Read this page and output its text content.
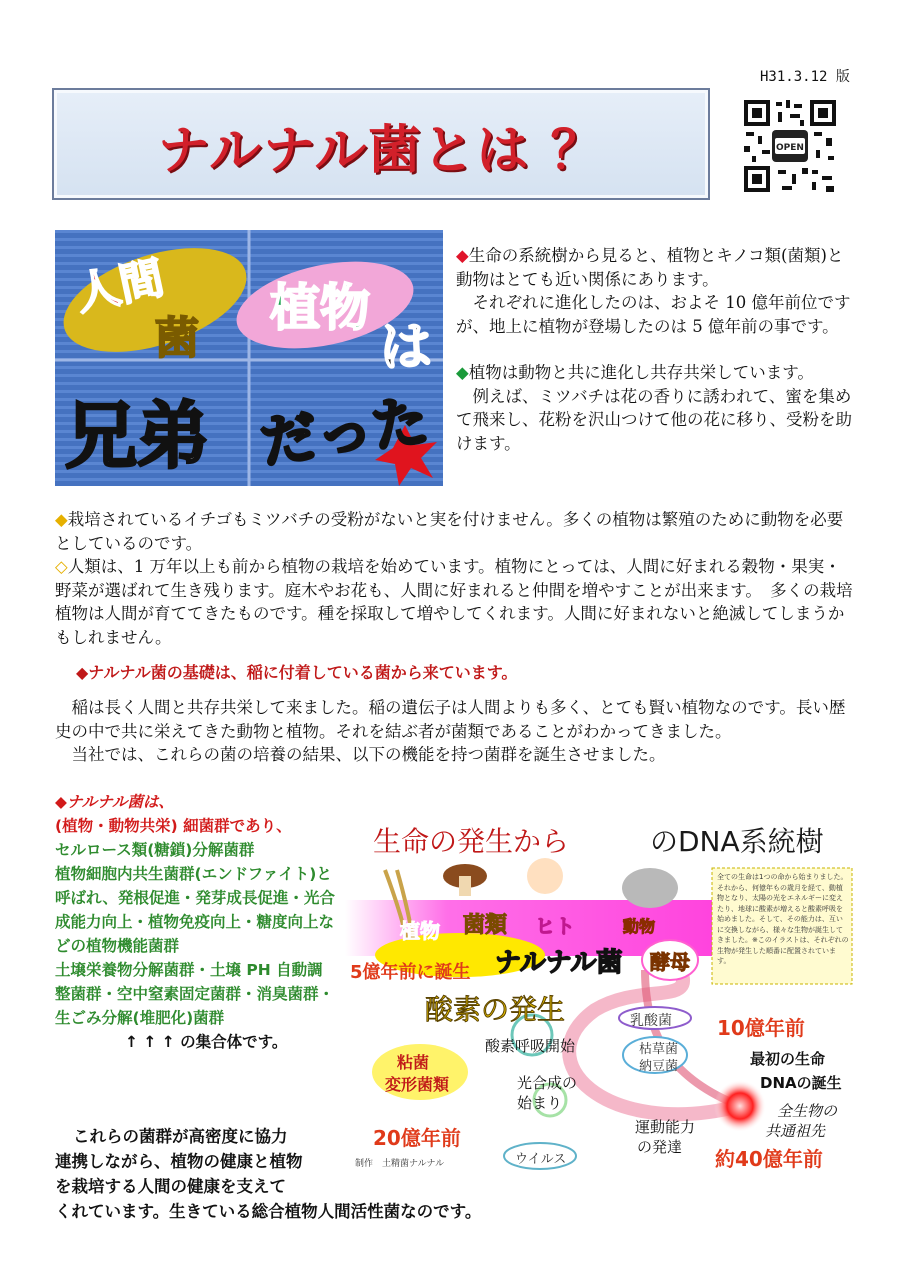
H31.3.12 版
ナルナル菌とは ？	OPEN
人間
菌
植物
は
兄弟 だった
◆生命の系統樹から見ると、植物とキノコ類(菌類)と動物はとても近い関係にあります。
それぞれに進化したのは、およそ 10 億年前位ですが、地上に植物が登場したのは 5 億年前の事です。
◆植物は動物と共に進化し共存共栄しています。
例えば、ミツバチは花の香りに誘われて、蜜を集めて飛来し、花粉を沢山つけて他の花に移り、受粉を助けます。
◆栽培されているイチゴもミツバチの受粉がないと実を付けません。多くの植物は繁殖のために動物を必要としているのです。
◇人類は、1 万年以上も前から植物の栽培を始めています。植物にとっては、人間に好まれる穀物・果実・野菜が選ばれて生き残ります。庭木やお花も、人間に好まれると仲間を増やすことが出来ます。　多くの栽培植物は人間が育ててきたものです。種を採取して増やしてくれます。人間に好まれないと絶滅してしまうかもしれません。
◆ナルナル菌の基礎は、稲に付着している菌から来ています。
稲は長く人間と共存共栄して来ました。稲の遺伝子は人間よりも多く、とても賢い植物なのです。長い歴史の中で共に栄えてきた動物と植物。それを結ぶ者が菌類であることがわかってきました。
当社では、これらの菌の培養の結果、以下の機能を持つ菌群を誕生させました。
◆ナルナル菌は、
(植物・動物共栄) 細菌群であり、
セルロース類(糖鎖)分解菌群
植物細胞内共生菌群(エンドファイト)と呼ばれ、発根促進・発芽成長促進・光合成能力向上・植物免疫向上・糖度向上などの植物機能菌群
土壌栄養物分解菌群・土壌 PH 自動調整菌群・空中窒素固定菌群・消臭菌群・生ごみ分解(堆肥化)菌群
↑ ↑ ↑ の集合体です。
これらの菌群が高密度に協力
連携しながら、植物の健康と植物
を栽培する人間の健康を支えて
くれています。生きている総合植物人間活性菌なのです。
生命の発生から	のDNA系統樹
全ての生命は1つの命から始まりました。それから、何億年もの歳月を経て、動植物となり、太陽の光をエネルギーに変えたり、地球に酸素が増えると酸素呼吸を始めました。そして、その能力は、互いに交換しながら、様々な生物が誕生してきました。※このイラストは、それぞれの生物が発生した順番に配置されています。
植物 菌類 ヒト	動物
5億年前に誕生 ナルナル菌 酵母
酸素の発生	乳酸菌 10億年前
酸素呼吸開始	枯草菌
納豆菌	最初の生命
DNAの誕生
粘菌
変形菌類	光合成の
始まり	全生物の
共通祖先
運動能力
の発達
20億年前
制作　土精菌ナルナル	ウイルス	約40億年前
